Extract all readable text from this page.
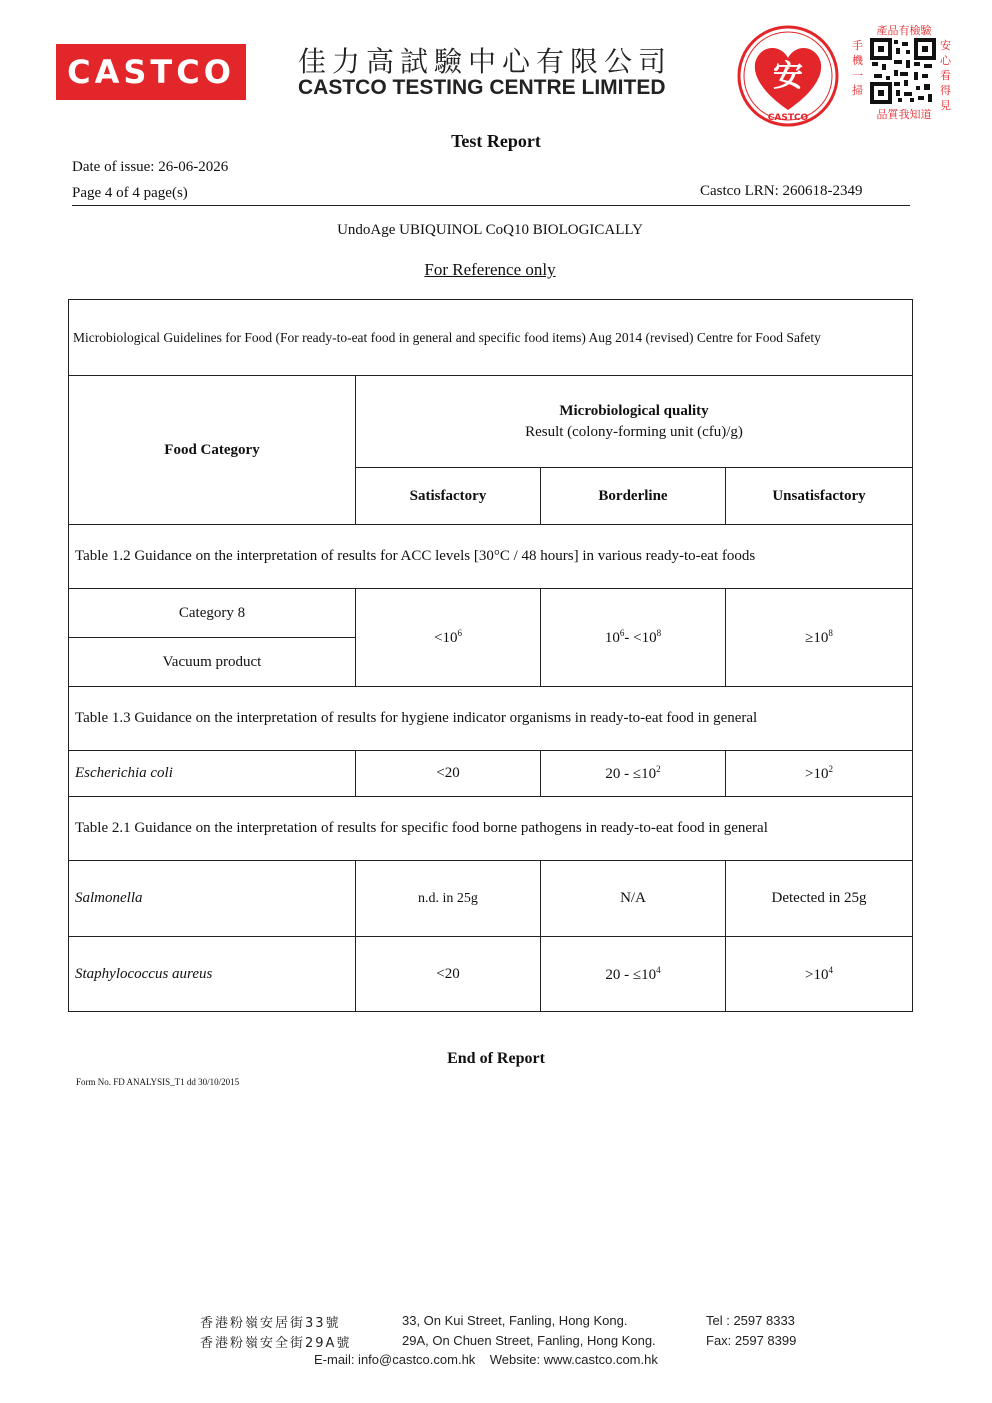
CASTCO	佳力高試驗中心有限公司
CASTCO TESTING CENTRE LIMITED	安
CASTCO
產品有檢驗
手機一掃
安心看得見
品質我知道
Test Report
Date of issue: 26-06-2026
Page 4 of 4 page(s)	Castco LRN: 260618-2349
UndoAge UBIQUINOL CoQ10 BIOLOGICALLY
For Reference only
Microbiological Guidelines for Food (For ready-to-eat food in general and specific food items) Aug 2014 (revised) Centre for Food Safety			
Food Category	Microbiological quality
Result (colony-forming unit (cfu)/g)		

	Satisfactory	Borderline	Unsatisfactory
Table 1.2 Guidance on the interpretation of results for ACC levels [30°C / 48 hours] in various ready-to-eat foods			
Category 8	$<10^6$	$10^6- <10^8$	$\ge 10^8$
Vacuum product			
Table 1.3 Guidance on the interpretation of results for hygiene indicator organisms in ready-to-eat food in general			
Escherichia coli	<20	$20 - \le 10^2$	$>10^2$
Table 2.1 Guidance on the interpretation of results for specific food borne pathogens in ready-to-eat food in general			
Salmonella	n.d. in 25g	N/A	Detected in 25g
Staphylococcus aureus	<20	$20 - \le 10^4$	$>10^4$
End of Report
Form No. FD ANALYSIS_T1 dd 30/10/2015
香港粉嶺安居街33號	33, On Kui Street, Fanling, Hong Kong.	Tel : 2597 8333
香港粉嶺安全街29A號	29A, On Chuen Street, Fanling, Hong Kong.	Fax: 2597 8399
E-mail: info@castco.com.hk    Website: www.castco.com.hk
